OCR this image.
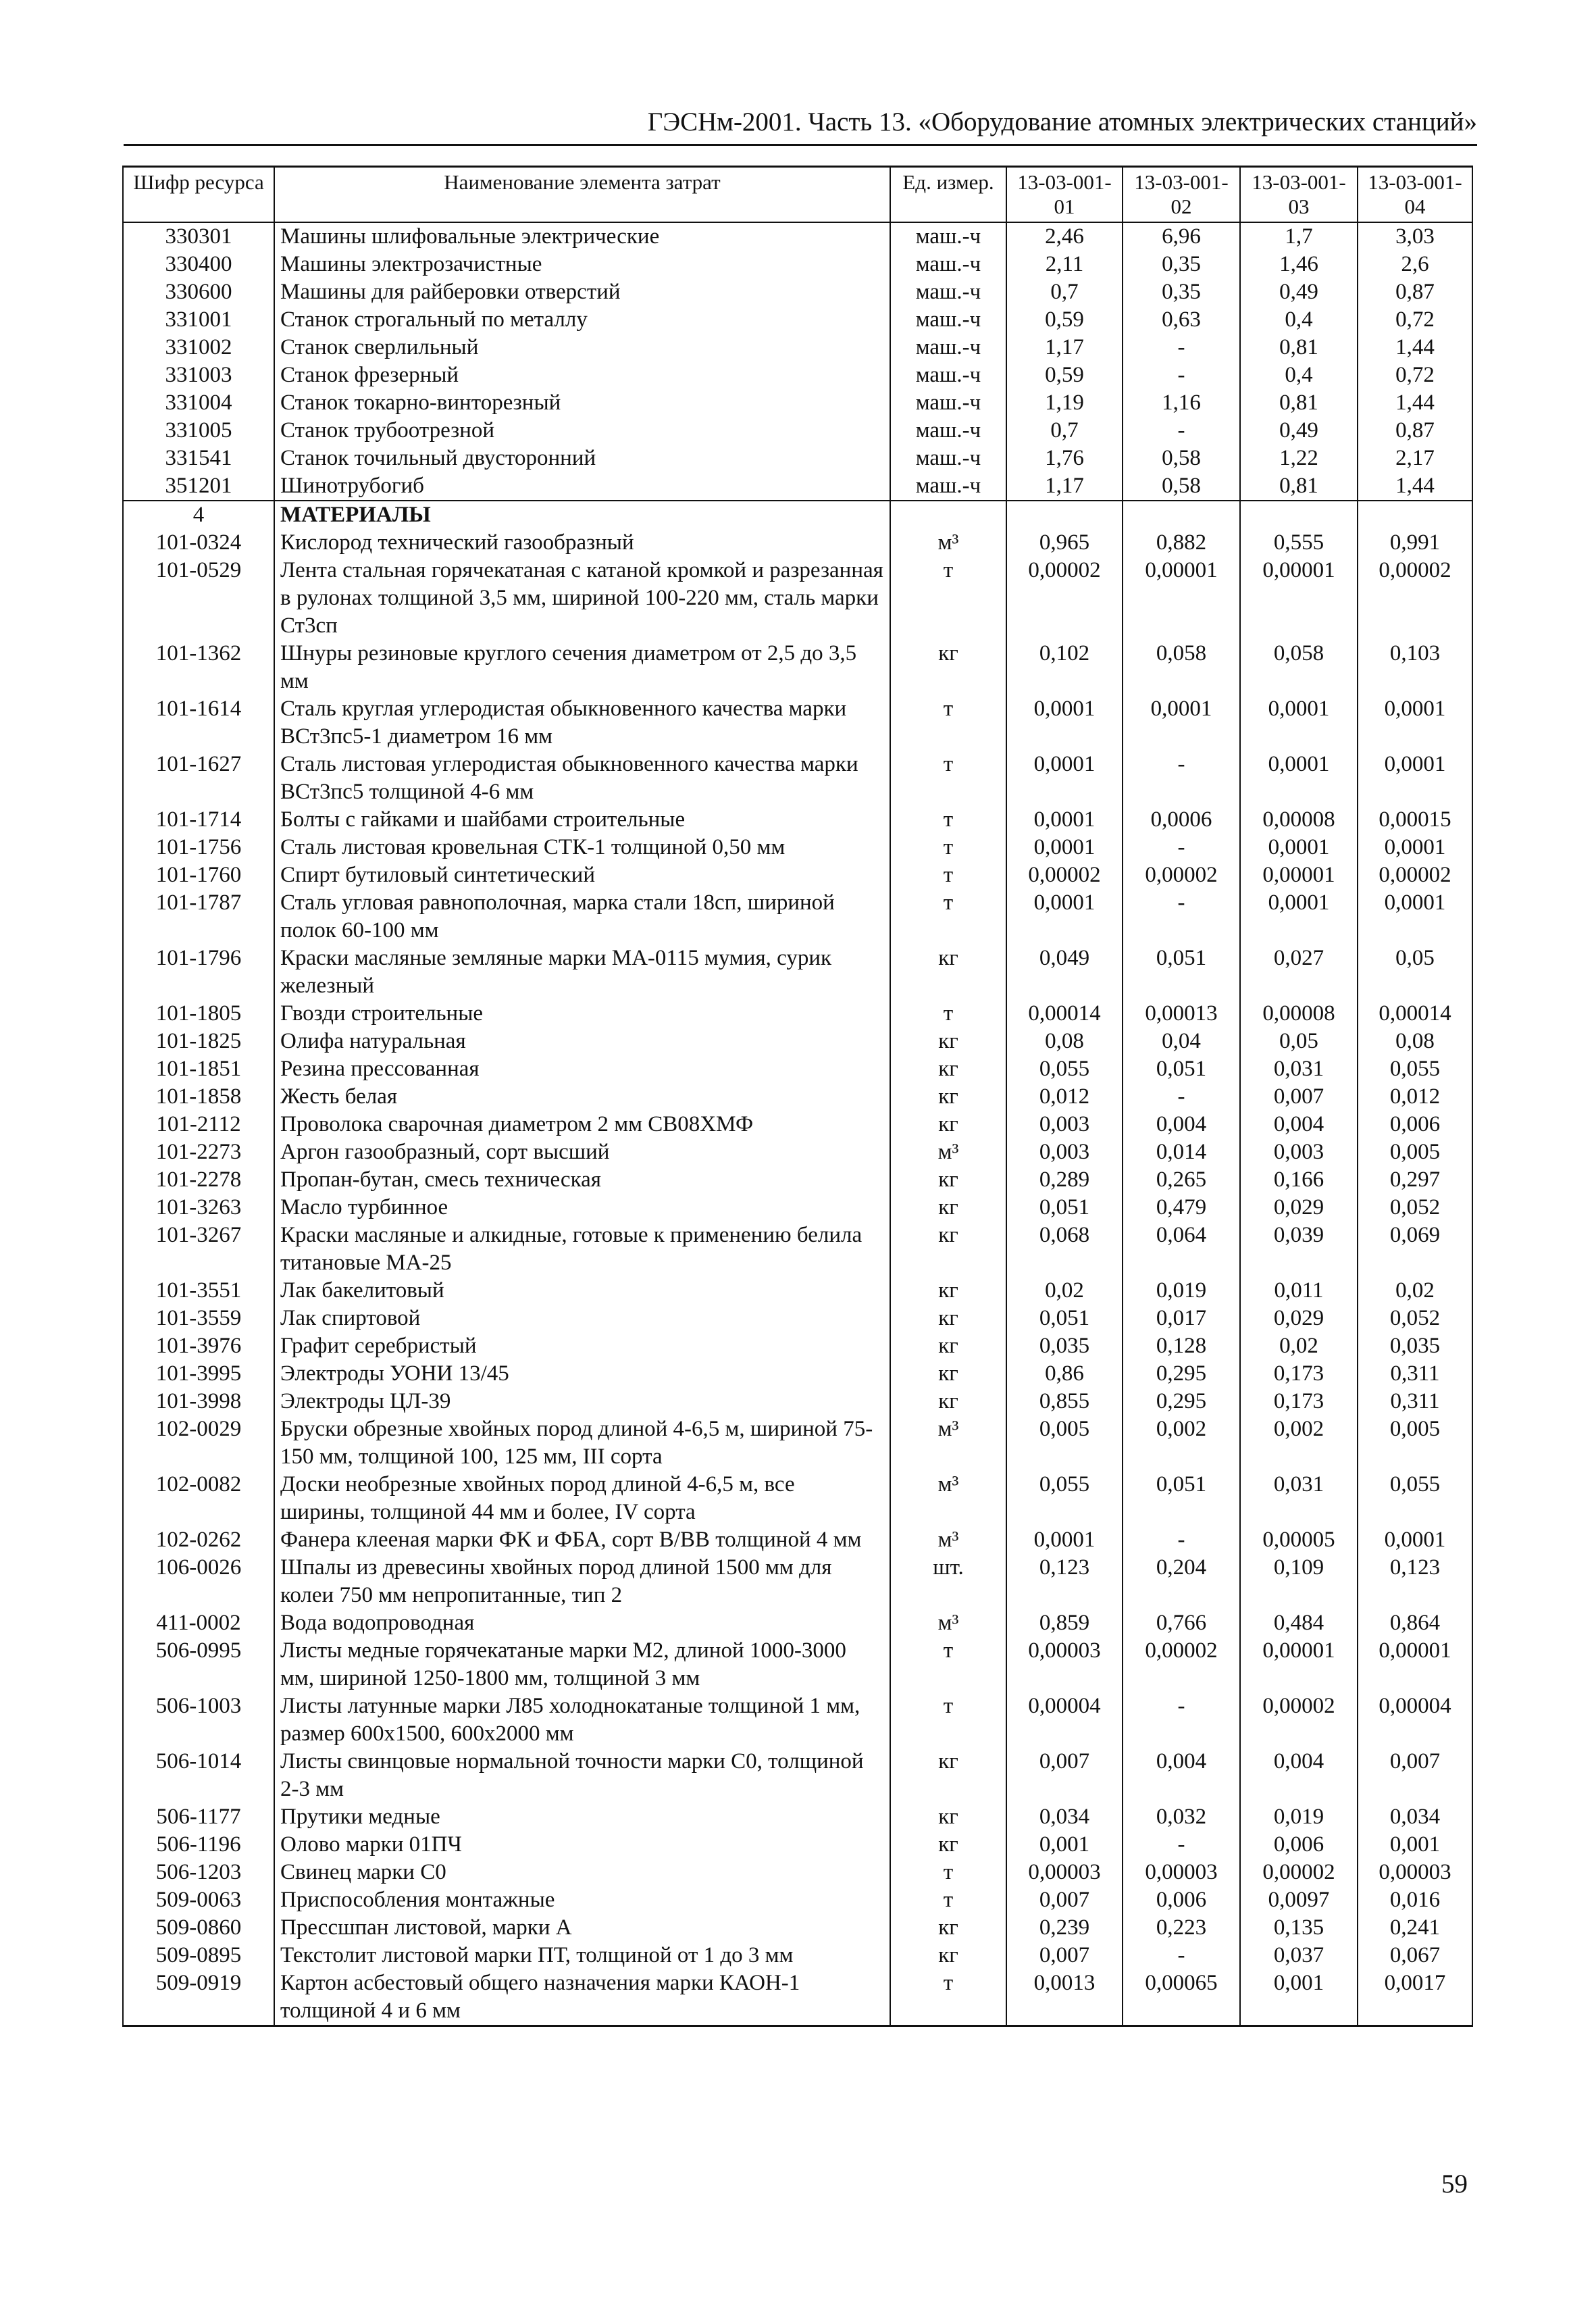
ГЭСНм-2001. Часть 13. «Оборудование атомных электрических станций»
Шифр ресурса	Наименование элемента затрат	Ед. измер.	13-03-001-01	13-03-001-02	13-03-001-03	13-03-001-04
330301	Машины шлифовальные электрические	маш.-ч	2,46	6,96	1,7	3,03
330400	Машины электрозачистные	маш.-ч	2,11	0,35	1,46	2,6
330600	Машины для райберовки отверстий	маш.-ч	0,7	0,35	0,49	0,87
331001	Станок строгальный по металлу	маш.-ч	0,59	0,63	0,4	0,72
331002	Станок сверлильный	маш.-ч	1,17	-	0,81	1,44
331003	Станок фрезерный	маш.-ч	0,59	-	0,4	0,72
331004	Станок токарно-винторезный	маш.-ч	1,19	1,16	0,81	1,44
331005	Станок трубоотрезной	маш.-ч	0,7	-	0,49	0,87
331541	Станок точильный двусторонний	маш.-ч	1,76	0,58	1,22	2,17
351201	Шинотрубогиб	маш.-ч	1,17	0,58	0,81	1,44
4	МАТЕРИАЛЫ					
101-0324	Кислород технический газообразный	м³	0,965	0,882	0,555	0,991
101-0529	Лента стальная горячекатаная с катаной кромкой и разрезанная в рулонах толщиной 3,5 мм, шириной 100-220 мм, сталь марки Ст3сп	т	0,00002	0,00001	0,00001	0,00002
101-1362	Шнуры резиновые круглого сечения диаметром от 2,5 до 3,5 мм	кг	0,102	0,058	0,058	0,103
101-1614	Сталь круглая углеродистая обыкновенного качества марки ВСт3пс5-1 диаметром 16 мм	т	0,0001	0,0001	0,0001	0,0001
101-1627	Сталь листовая углеродистая обыкновенного качества марки ВСт3пс5 толщиной 4-6 мм	т	0,0001	-	0,0001	0,0001
101-1714	Болты с гайками и шайбами строительные	т	0,0001	0,0006	0,00008	0,00015
101-1756	Сталь листовая кровельная СТК-1 толщиной 0,50 мм	т	0,0001	-	0,0001	0,0001
101-1760	Спирт бутиловый синтетический	т	0,00002	0,00002	0,00001	0,00002
101-1787	Сталь угловая равнополочная, марка стали 18сп, шириной полок 60-100 мм	т	0,0001	-	0,0001	0,0001
101-1796	Краски масляные земляные марки МА-0115 мумия, сурик железный	кг	0,049	0,051	0,027	0,05
101-1805	Гвозди строительные	т	0,00014	0,00013	0,00008	0,00014
101-1825	Олифа натуральная	кг	0,08	0,04	0,05	0,08
101-1851	Резина прессованная	кг	0,055	0,051	0,031	0,055
101-1858	Жесть белая	кг	0,012	-	0,007	0,012
101-2112	Проволока сварочная диаметром 2 мм СВ08ХМФ	кг	0,003	0,004	0,004	0,006
101-2273	Аргон газообразный, сорт высший	м³	0,003	0,014	0,003	0,005
101-2278	Пропан-бутан, смесь техническая	кг	0,289	0,265	0,166	0,297
101-3263	Масло турбинное	кг	0,051	0,479	0,029	0,052
101-3267	Краски масляные и алкидные, готовые к применению белила титановые МА-25	кг	0,068	0,064	0,039	0,069
101-3551	Лак бакелитовый	кг	0,02	0,019	0,011	0,02
101-3559	Лак спиртовой	кг	0,051	0,017	0,029	0,052
101-3976	Графит серебристый	кг	0,035	0,128	0,02	0,035
101-3995	Электроды УОНИ 13/45	кг	0,86	0,295	0,173	0,311
101-3998	Электроды ЦЛ-39	кг	0,855	0,295	0,173	0,311
102-0029	Бруски обрезные хвойных пород длиной 4-6,5 м, шириной 75-150 мм, толщиной 100, 125 мм, III сорта	м³	0,005	0,002	0,002	0,005
102-0082	Доски необрезные хвойных пород длиной 4-6,5 м, все ширины, толщиной 44 мм и более, IV сорта	м³	0,055	0,051	0,031	0,055
102-0262	Фанера клееная марки ФК и ФБА, сорт В/ВВ толщиной 4 мм	м³	0,0001	-	0,00005	0,0001
106-0026	Шпалы из древесины хвойных пород длиной 1500 мм для колеи 750 мм непропитанные, тип 2	шт.	0,123	0,204	0,109	0,123
411-0002	Вода водопроводная	м³	0,859	0,766	0,484	0,864
506-0995	Листы медные горячекатаные марки М2, длиной 1000-3000 мм, шириной 1250-1800 мм, толщиной 3 мм	т	0,00003	0,00002	0,00001	0,00001
506-1003	Листы латунные марки Л85 холоднокатаные толщиной 1 мм, размер 600х1500, 600х2000 мм	т	0,00004	-	0,00002	0,00004
506-1014	Листы свинцовые нормальной точности марки С0, толщиной 2-3 мм	кг	0,007	0,004	0,004	0,007
506-1177	Прутики медные	кг	0,034	0,032	0,019	0,034
506-1196	Олово марки 01ПЧ	кг	0,001	-	0,006	0,001
506-1203	Свинец марки С0	т	0,00003	0,00003	0,00002	0,00003
509-0063	Приспособления монтажные	т	0,007	0,006	0,0097	0,016
509-0860	Прессшпан листовой, марки А	кг	0,239	0,223	0,135	0,241
509-0895	Текстолит листовой марки ПТ, толщиной от 1 до 3 мм	кг	0,007	-	0,037	0,067
509-0919	Картон асбестовый общего назначения марки КАОН-1 толщиной 4 и 6 мм	т	0,0013	0,00065	0,001	0,0017
59
